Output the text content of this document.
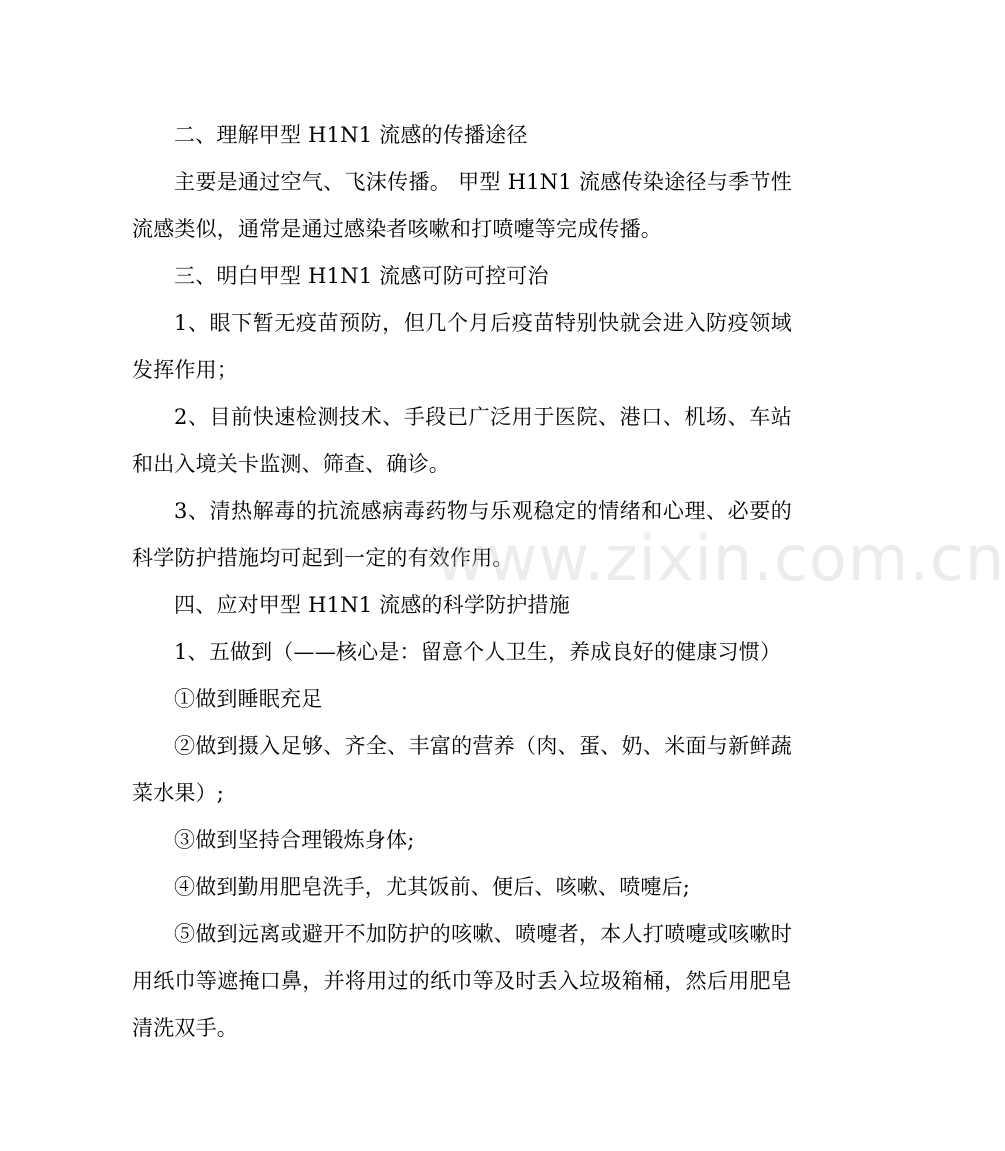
二、理解甲型 H1N1 流感的传播途径

主要是通过空气、飞沫传播。 甲型 H1N1 流感传染途径与季节性流感类似，通常是通过感染者咳嗽和打喷嚏等完成传播。

三、明白甲型 H1N1 流感可防可控可治

1、眼下暂无疫苗预防，但几个月后疫苗特别快就会进入防疫领域发挥作用；

2、目前快速检测技术、手段已广泛用于医院、港口、机场、车站和出入境关卡监测、筛查、确诊。

3、清热解毒的抗流感病毒药物与乐观稳定的情绪和心理、必要的科学防护措施均可起到一定的有效作用。

四、应对甲型 H1N1 流感的科学防护措施

1、五做到（——核心是：留意个人卫生，养成良好的健康习惯）

①做到睡眠充足

②做到摄入足够、齐全、丰富的营养（肉、蛋、奶、米面与新鲜蔬菜水果）;

③做到坚持合理锻炼身体;

④做到勤用肥皂洗手，尤其饭前、便后、咳嗽、喷嚏后;

⑤做到远离或避开不加防护的咳嗽、喷嚏者，本人打喷嚏或咳嗽时用纸巾等遮掩口鼻，并将用过的纸巾等及时丢入垃圾箱桶，然后用肥皂清洗双手。

www.zixin.com.cn
